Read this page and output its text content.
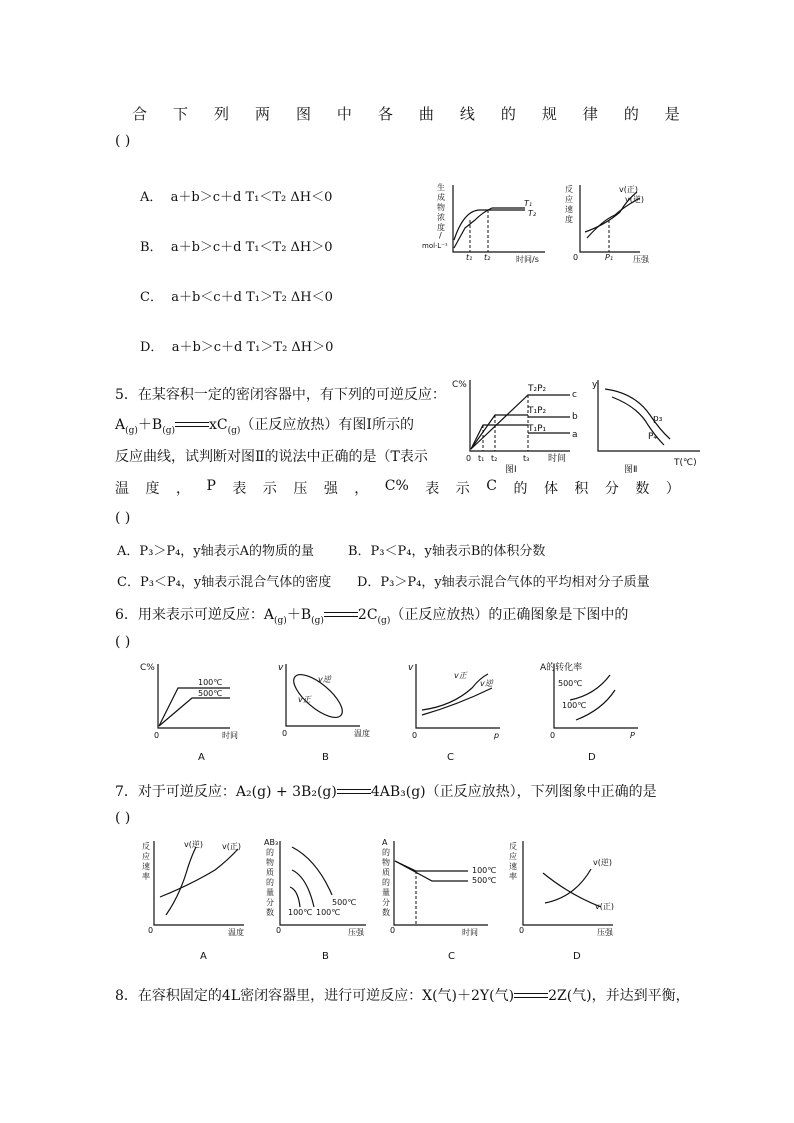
合 下 列 两 图 中 各 曲 线 的 规 律 的 是
( )
A． a＋b＞c＋d T₁＜T₂ ΔH＜0
B． a＋b＞c＋d T₁＜T₂ ΔH＞0
C． a＋b＜c＋d T₁＞T₂ ΔH＜0
D． a＋b＞c＋d T₁＞T₂ ΔH＞0
生
成
物
浓
度
/
mol·L⁻¹
T₁
T₂
t₁ t₂	时间/s
反
应
速
度
v(正)
v(逆)
0	P₁ 压强
5．在某容积一定的密闭容器中，有下列的可逆反应：
$A_{(g)}+B_{(g)}$ $xC_{(g)}$（正反应放热）有图Ⅰ所示的
反应曲线，试判断对图Ⅱ的说法中正确的是（T表示
温 度 ， P 表 示 压 强 ， C% 表 示 C 的 体 积 分 数 ）
( )
A．P₃＞P₄，y轴表示A的物质的量	B．P₃＜P₄，y轴表示B的体积分数
C．P₃＜P₄，y轴表示混合气体的密度 D．P₃＞P₄，y轴表示混合气体的平均相对分子质量
C%	T₂P₂
T₁P₂
T₁P₁
c
b
a
0 t₁ t₂	t₃ 时间
图Ⅰ
y
p₃
P₄
T(℃)
图Ⅱ
6．用来表示可逆反应：$A_{(g)}+B_{(g)}$ $2C_{(g)}$（正反应放热）的正确图象是下图中的
( )
C%
100℃
500℃
0	时间
A
v
v逆
v正
0	温度
B
v
v正
v逆
0	p
C
A的转化率
500℃
100℃
0	P
D
7．对于可逆反应：A₂(g) + 3B₂(g) 4AB₃(g)（正反应放热），下列图象中正确的是
( )
反
应
速
率
v(逆) v(正)
0	温度
A
AB₃
的
物
质
的
量
分
数
500℃
100℃
100℃
0	压强
B
A
的
物
质
的
量
分
数
100℃
500℃
0	时间
C
反
应
速
率
v(逆)
v(正)
0	压强
D
8．在容积固定的4L密闭容器里，进行可逆反应：X(气)＋2Y(气) 2Z(气)，并达到平衡，
